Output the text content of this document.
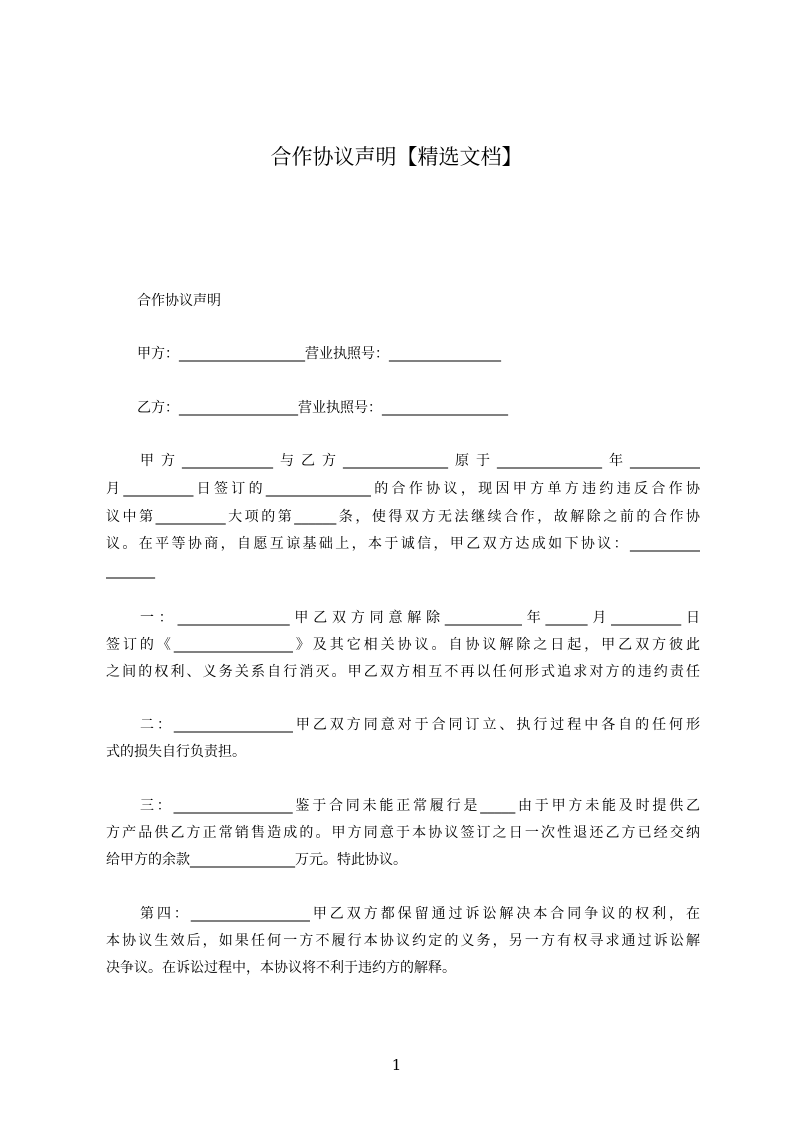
合作协议声明【精选文档】
合作协议声明
甲方：__________________营业执照号：________________
乙方：_________________营业执照号：__________________
甲方_____________与乙方_______________原于_______________年__________
月__________日签订的_______________的合作协议，现因甲方单方违约违反合作协
议中第__________大项的第______条，使得双方无法继续合作，故解除之前的合作协
议。在平等协商，自愿互谅基础上，本于诚信，甲乙双方达成如下协议：__________
_______
一：________________甲乙双方同意解除___________年______月__________日
签订的《_________________》及其它相关协议。自协议解除之日起，甲乙双方彼此
之间的权利、义务关系自行消灭。甲乙双方相互不再以任何形式追求对方的违约责任
二：_________________甲乙双方同意对于合同订立、执行过程中各自的任何形
式的损失自行负责担。
三：_________________鉴于合同未能正常履行是_____由于甲方未能及时提供乙
方产品供乙方正常销售造成的。甲方同意于本协议签订之日一次性退还乙方已经交纳
给甲方的余款_______________万元。特此协议。
第四：_________________甲乙双方都保留通过诉讼解决本合同争议的权利，在
本协议生效后，如果任何一方不履行本协议约定的义务，另一方有权寻求通过诉讼解
决争议。在诉讼过程中，本协议将不利于违约方的解释。
1
